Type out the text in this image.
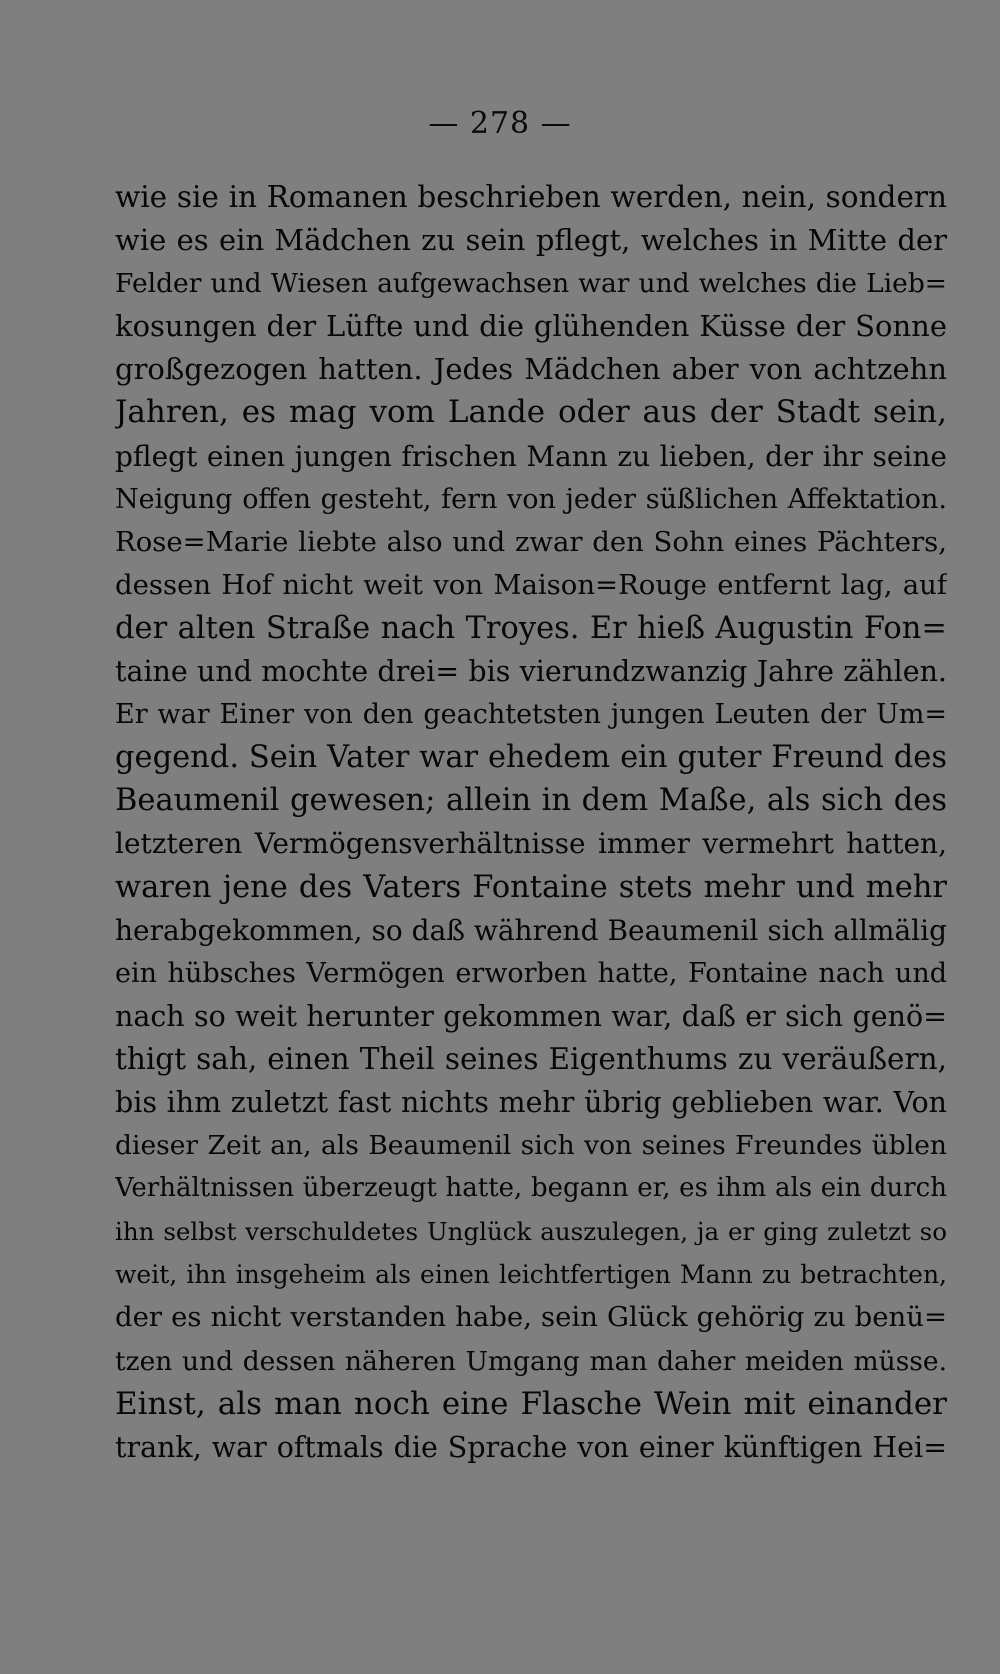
— 278 —
wie sie in Romanen beschrieben werden, nein, sondern
wie es ein Mädchen zu sein pflegt, welches in Mitte der
Felder und Wiesen aufgewachsen war und welches die Lieb=
kosungen der Lüfte und die glühenden Küsse der Sonne
großgezogen hatten. Jedes Mädchen aber von achtzehn
Jahren, es mag vom Lande oder aus der Stadt sein,
pflegt einen jungen frischen Mann zu lieben, der ihr seine
Neigung offen gesteht, fern von jeder süßlichen Affektation.
Rose=Marie liebte also und zwar den Sohn eines Pächters,
dessen Hof nicht weit von Maison=Rouge entfernt lag, auf
der alten Straße nach Troyes. Er hieß Augustin Fon=
taine und mochte drei= bis vierundzwanzig Jahre zählen.
Er war Einer von den geachtetsten jungen Leuten der Um=
gegend. Sein Vater war ehedem ein guter Freund des
Beaumenil gewesen; allein in dem Maße, als sich des
letzteren Vermögensverhältnisse immer vermehrt hatten,
waren jene des Vaters Fontaine stets mehr und mehr
herabgekommen, so daß während Beaumenil sich allmälig
ein hübsches Vermögen erworben hatte, Fontaine nach und
nach so weit herunter gekommen war, daß er sich genö=
thigt sah, einen Theil seines Eigenthums zu veräußern,
bis ihm zuletzt fast nichts mehr übrig geblieben war. Von
dieser Zeit an, als Beaumenil sich von seines Freundes üblen
Verhältnissen überzeugt hatte, begann er, es ihm als ein durch
ihn selbst verschuldetes Unglück auszulegen, ja er ging zuletzt so
weit, ihn insgeheim als einen leichtfertigen Mann zu betrachten,
der es nicht verstanden habe, sein Glück gehörig zu benü=
tzen und dessen näheren Umgang man daher meiden müsse.
Einst, als man noch eine Flasche Wein mit einander
trank, war oftmals die Sprache von einer künftigen Hei=
